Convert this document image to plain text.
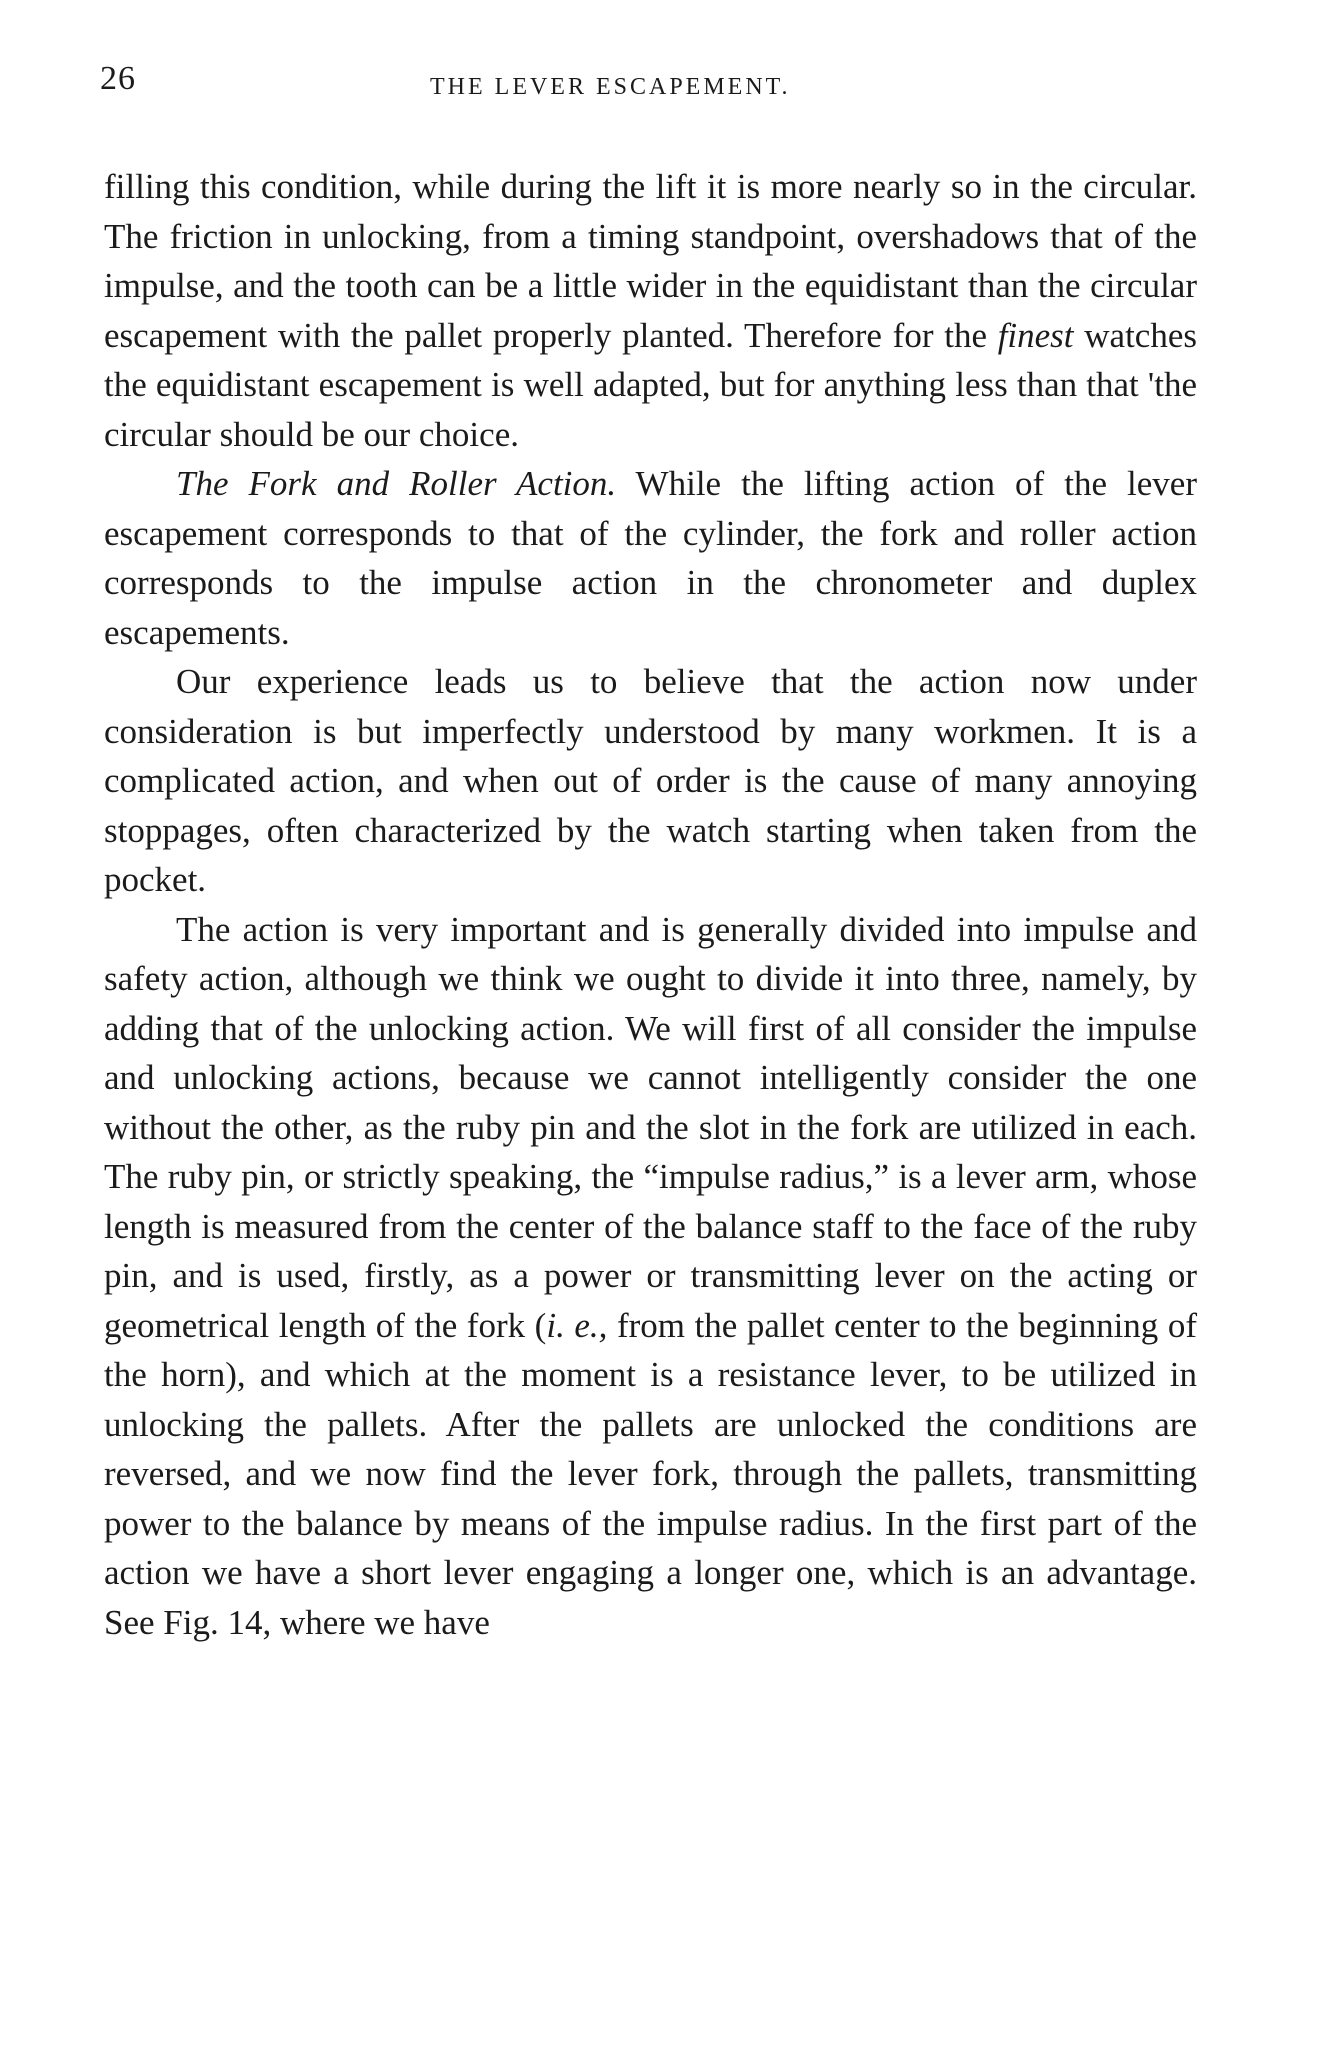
26	THE LEVER ESCAPEMENT.

filling this condition, while during the lift it is more nearly so in the circular. The friction in unlocking, from a timing standpoint, overshadows that of the impulse, and the tooth can be a little wider in the equidistant than the circular escapement with the pallet properly planted. Therefore for the finest watches the equidistant escapement is well adapted, but for anything less than that 'the circular should be our choice.

The Fork and Roller Action. While the lifting action of the lever escapement corresponds to that of the cylinder, the fork and roller action corresponds to the impulse action in the chronometer and duplex escapements.

Our experience leads us to believe that the action now under consideration is but imperfectly understood by many workmen. It is a complicated action, and when out of order is the cause of many annoying stoppages, often characterized by the watch starting when taken from the pocket.

The action is very important and is generally divided into impulse and safety action, although we think we ought to divide it into three, namely, by adding that of the unlocking action. We will first of all consider the impulse and unlocking actions, because we cannot intelligently consider the one without the other, as the ruby pin and the slot in the fork are utilized in each. The ruby pin, or strictly speaking, the “impulse radius,” is a lever arm, whose length is measured from the center of the balance staff to the face of the ruby pin, and is used, firstly, as a power or transmitting lever on the acting or geometrical length of the fork (i. e., from the pallet center to the beginning of the horn), and which at the moment is a resistance lever, to be utilized in unlocking the pallets. After the pallets are unlocked the conditions are reversed, and we now find the lever fork, through the pallets, transmitting power to the balance by means of the impulse radius. In the first part of the action we have a short lever engaging a longer one, which is an advantage. See Fig. 14, where we have
